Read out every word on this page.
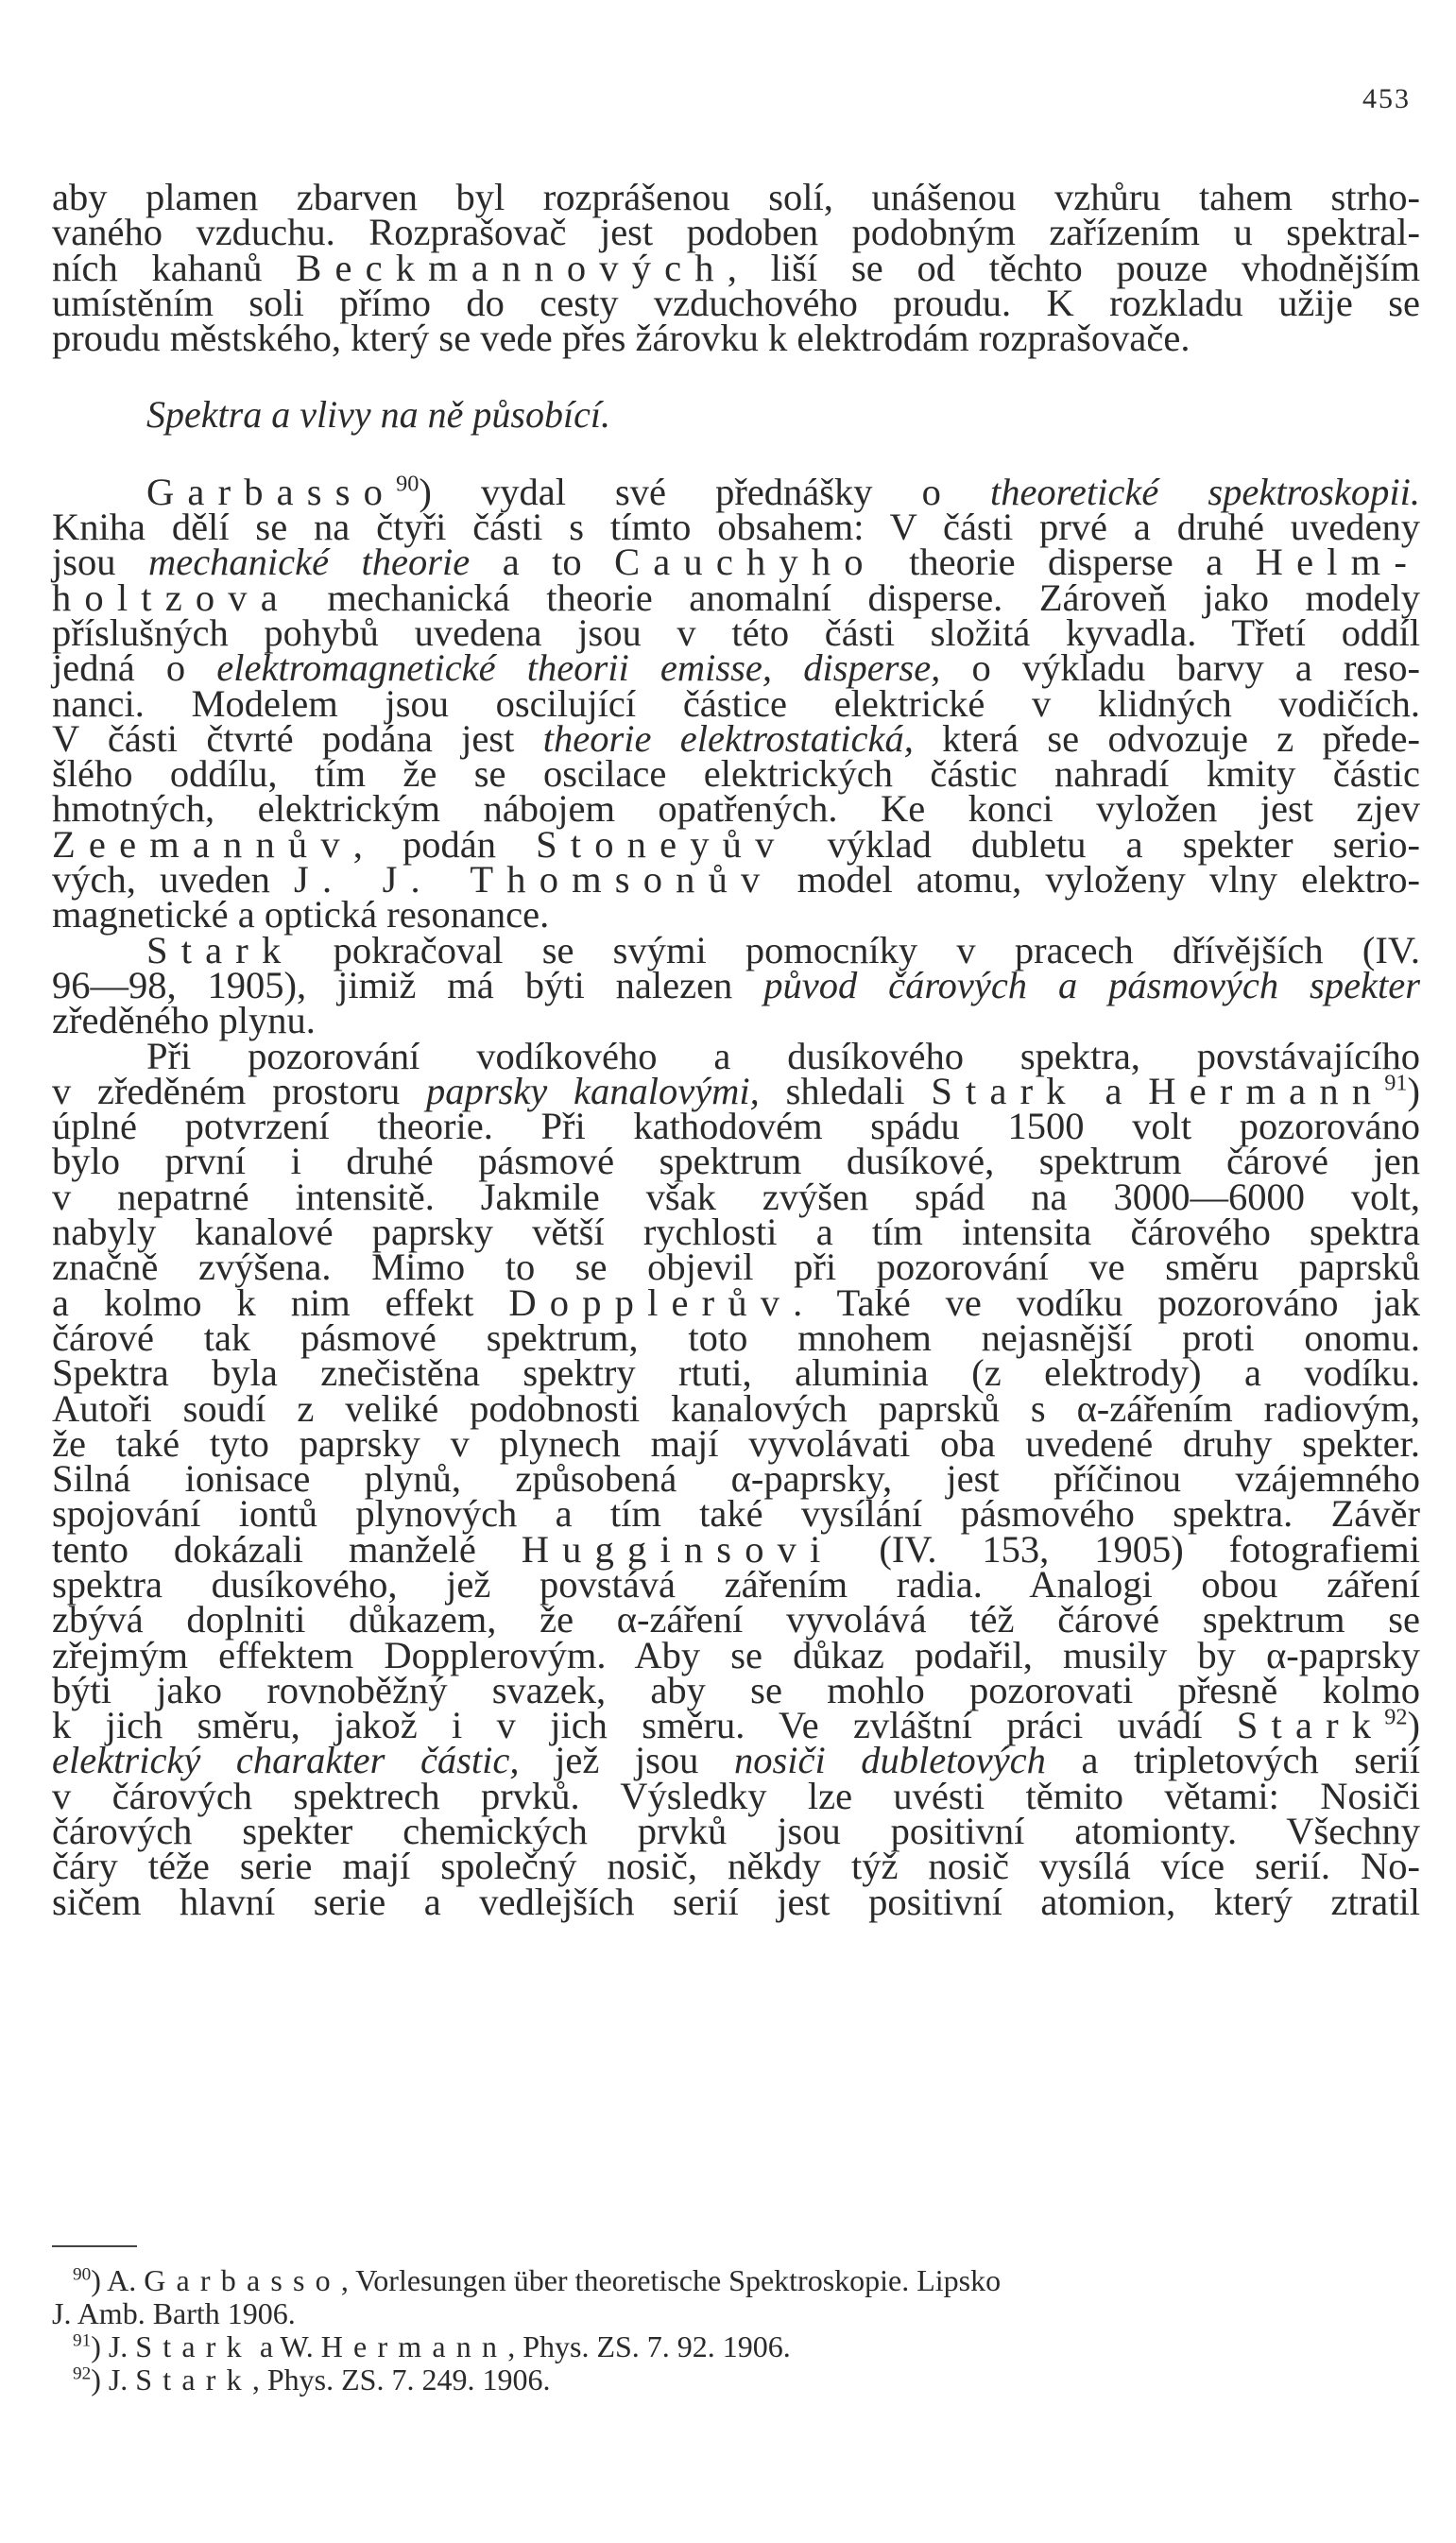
453
aby plamen zbarven byl rozprášenou solí, unášenou vzhůru tahem strho-
vaného vzduchu. Rozprašovač jest podoben podobným zařízením u spektral-
ních kahanů Beckmannových, liší se od těchto pouze vhodnějším
umístěním soli přímo do cesty vzduchového proudu. K rozkladu užije se
proudu městského, který se vede přes žárovku k elektrodám rozprašovače.
Spektra a vlivy na ně působící.
Garbasso$^{90}$) vydal své přednášky o theoretické spektroskopii.
Kniha dělí se na čtyři části s tímto obsahem: V části prvé a druhé uvedeny
jsou mechanické theorie a to Cauchyho theorie disperse a Helm-
holtzova mechanická theorie anomalní disperse. Zároveň jako modely
příslušných pohybů uvedena jsou v této části složitá kyvadla. Třetí oddíl
jedná o elektromagnetické theorii emisse, disperse, o výkladu barvy a reso-
nanci. Modelem jsou oscilující částice elektrické v klidných vodičích.
V části čtvrté podána jest theorie elektrostatická, která se odvozuje z přede-
šlého oddílu, tím že se oscilace elektrických částic nahradí kmity částic
hmotných, elektrickým nábojem opatřených. Ke konci vyložen jest zjev
Zeemannův, podán Stoneyův výklad dubletu a spekter serio-
vých, uveden J. J. Thomsonův model atomu, vyloženy vlny elektro-
magnetické a optická resonance.
Stark pokračoval se svými pomocníky v pracech dřívějších (IV.
96—98, 1905), jimiž má býti nalezen původ čárových a pásmových spekter
zředěného plynu.
Při pozorování vodíkového a dusíkového spektra, povstávajícího
v zředěném prostoru paprsky kanalovými, shledali Stark a Hermann$^{91}$)
úplné potvrzení theorie. Při kathodovém spádu 1500 volt pozorováno
bylo první i druhé pásmové spektrum dusíkové, spektrum čárové jen
v nepatrné intensitě. Jakmile však zvýšen spád na 3000—6000 volt,
nabyly kanalové paprsky větší rychlosti a tím intensita čárového spektra
značně zvýšena. Mimo to se objevil při pozorování ve směru paprsků
a kolmo k nim effekt Dopplerův. Také ve vodíku pozorováno jak
čárové tak pásmové spektrum, toto mnohem nejasnější proti onomu.
Spektra byla znečistěna spektry rtuti, aluminia (z elektrody) a vodíku.
Autoři soudí z veliké podobnosti kanalových paprsků s α-zářením radiovým,
že také tyto paprsky v plynech mají vyvolávati oba uvedené druhy spekter.
Silná ionisace plynů, způsobená α-paprsky, jest příčinou vzájemného
spojování iontů plynových a tím také vysílání pásmového spektra. Závěr
tento dokázali manželé Hugginsovi (IV. 153, 1905) fotografiemi
spektra dusíkového, jež povstává zářením radia. Analogi obou záření
zbývá doplniti důkazem, že α-záření vyvolává též čárové spektrum se
zřejmým effektem Dopplerovým. Aby se důkaz podařil, musily by α-paprsky
býti jako rovnoběžný svazek, aby se mohlo pozorovati přesně kolmo
k jich směru, jakož i v jich směru. Ve zvláštní práci uvádí Stark$^{92}$)
elektrický charakter částic, jež jsou nosiči dubletových a tripletových serií
v čárových spektrech prvků. Výsledky lze uvésti těmito větami: Nosiči
čárových spekter chemických prvků jsou positivní atomionty. Všechny
čáry téže serie mají společný nosič, někdy týž nosič vysílá více serií. No-
sičem hlavní serie a vedlejších serií jest positivní atomion, který ztratil
$^{90}$) A. Garbasso, Vorlesungen über theoretische Spektroskopie. Lipsko
J. Amb. Barth 1906.
$^{91}$) J. Stark a W. Hermann, Phys. ZS. 7. 92. 1906.
$^{92}$) J. Stark, Phys. ZS. 7. 249. 1906.
